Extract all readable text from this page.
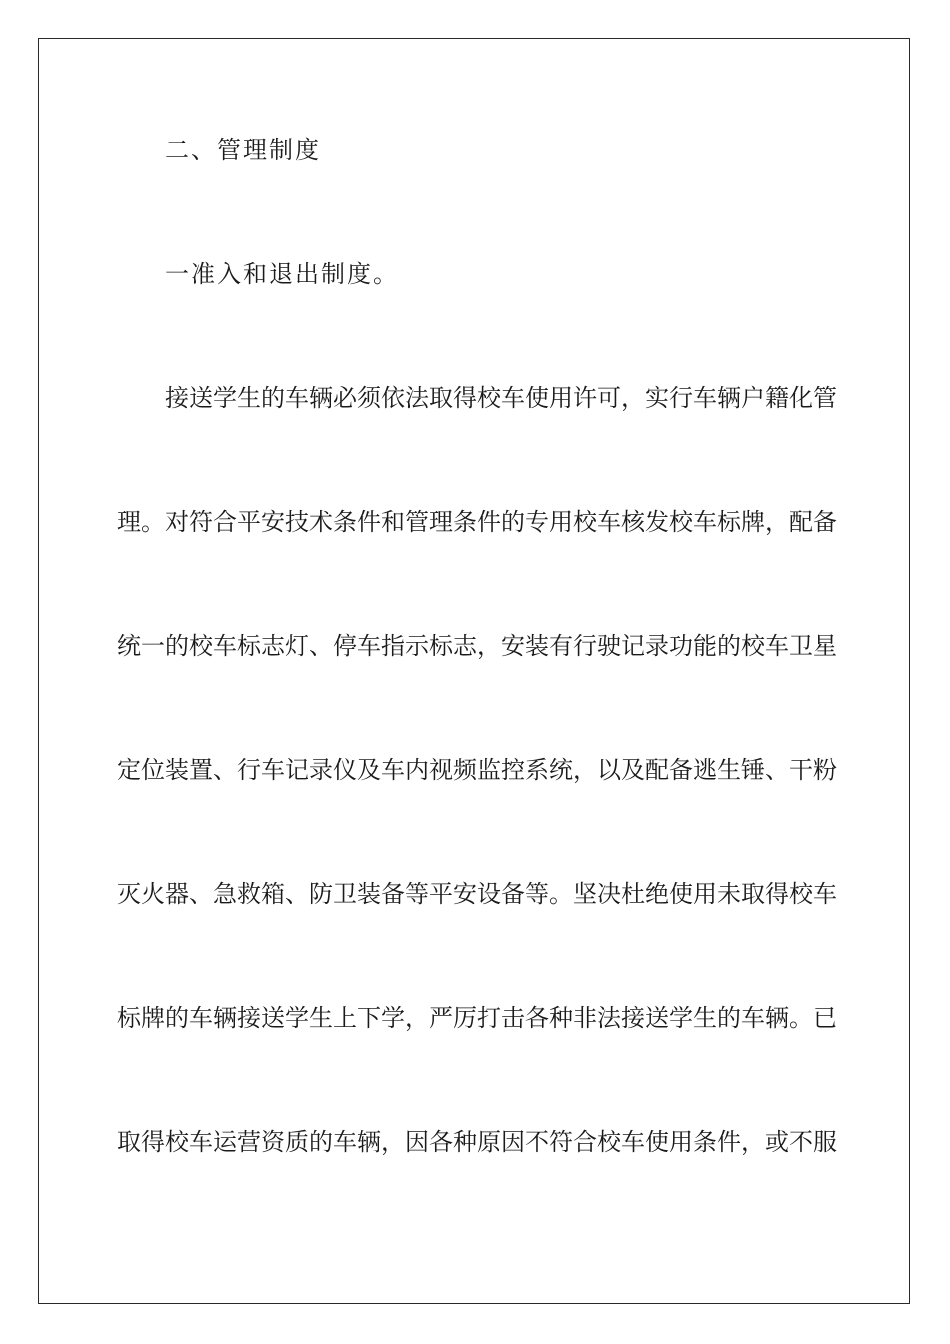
二、管理制度
一准入和退出制度。
接送学生的车辆必须依法取得校车使用许可，实行车辆户籍化管
理。对符合平安技术条件和管理条件的专用校车核发校车标牌，配备
统一的校车标志灯、停车指示标志，安装有行驶记录功能的校车卫星
定位装置、行车记录仪及车内视频监控系统，以及配备逃生锤、干粉
灭火器、急救箱、防卫装备等平安设备等。坚决杜绝使用未取得校车
标牌的车辆接送学生上下学，严厉打击各种非法接送学生的车辆。已
取得校车运营资质的车辆，因各种原因不符合校车使用条件，或不服
